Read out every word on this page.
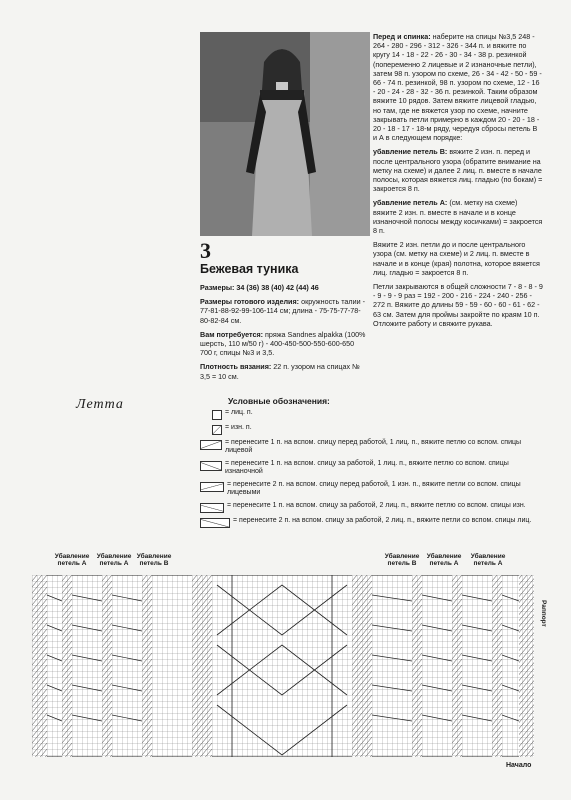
3
Бежевая туника

Размеры: 34 (36) 38 (40) 42 (44) 46

Размеры готового изделия: окружность талии - 77-81-88-92-99-106-114 см; длина - 75-75-77-78-80-82-84 см.

Вам потребуется: пряжа Sandnes alpakka (100% шерсть, 110 м/50 г) - 400-450-500-550-600-650 700 г, спицы №3 и 3,5.

Плотность вязания: 22 п. узором на спицах № 3,5 = 10 см.

Перед и спинка: наберите на спицы №3,5 248 - 264 - 280 - 296 - 312 - 326 - 344 п. и вяжите по кругу 14 - 18 - 22 - 26 - 30 - 34 - 38 р. резинкой (попеременно 2 лицевые и 2 изнаночные петли), затем 98 п. узором по схеме, 26 - 34 - 42 - 50 - 59 - 66 - 74 п. резинкой, 98 п. узором по схеме, 12 - 16 - 20 - 24 - 28 - 32 - 36 п. резинкой. Таким образом вяжите 10 рядов. Затем вяжите лицевой гладью, но там, где не вяжется узор по схеме, начните закрывать петли примерно в каждом 20 - 20 - 18 - 20 - 18 - 17 - 18-м ряду, чередуя сбросы петель В и А в следующем порядке:

убавление петель В: вяжите 2 изн. п. перед и после центрального узора (обратите внимание на метку на схеме) и далее 2 лиц. п. вместе в начале полосы, которая вяжется лиц. гладью (по бокам) = закроется 8 п.

убавление петель А: (см. метку на схеме) вяжите 2 изн. п. вместе в начале и в конце изнаночной полосы между косичками) = закроется 8 п.

Вяжите 2 изн. петли до и после центрального узора (см. метку на схеме) и 2 лиц. п. вместе в начале и в конце (края) полотна, которое вяжется лиц. гладью = закроется 8 п.

Петли закрываются в общей сложности 7 - 8 - 8 - 9 - 9 - 9 - 9 раз = 192 - 200 - 216 - 224 - 240 - 256 - 272 п. Вяжите до длины 59 - 59 - 60 - 60 - 61 - 62 - 63 см. Затем для проймы закройте по краям 10 п. Отложите работу и свяжите рукава.

Летта	Условные обозначения:
= лиц. п.
= изн. п.
= перенесите 1 п. на вспом. спицу перед работой, 1 лиц. п., вяжите петлю со вспом. спицы лицевой
= перенесите 1 п. на вспом. спицу за работой, 1 лиц. п., вяжите петлю со вспом. спицы изнаночной
= перенесите 2 п. на вспом. спицу перед работой, 1 изн. п., вяжите петли со вспом. спицы лицевыми
= перенесите 1 п. на вспом. спицу за работой, 2 лиц. п., вяжите петлю со вспом. спицы изн.
= перенесите 2 п. на вспом. спицу за работой, 2 лиц. п., вяжите петли со вспом. спицы лиц.
Убавление петель А
Убавление петель А
Убавление петель В
Убавление петель В
Убавление петель А
Убавление петель А
Раппорт
Начало
